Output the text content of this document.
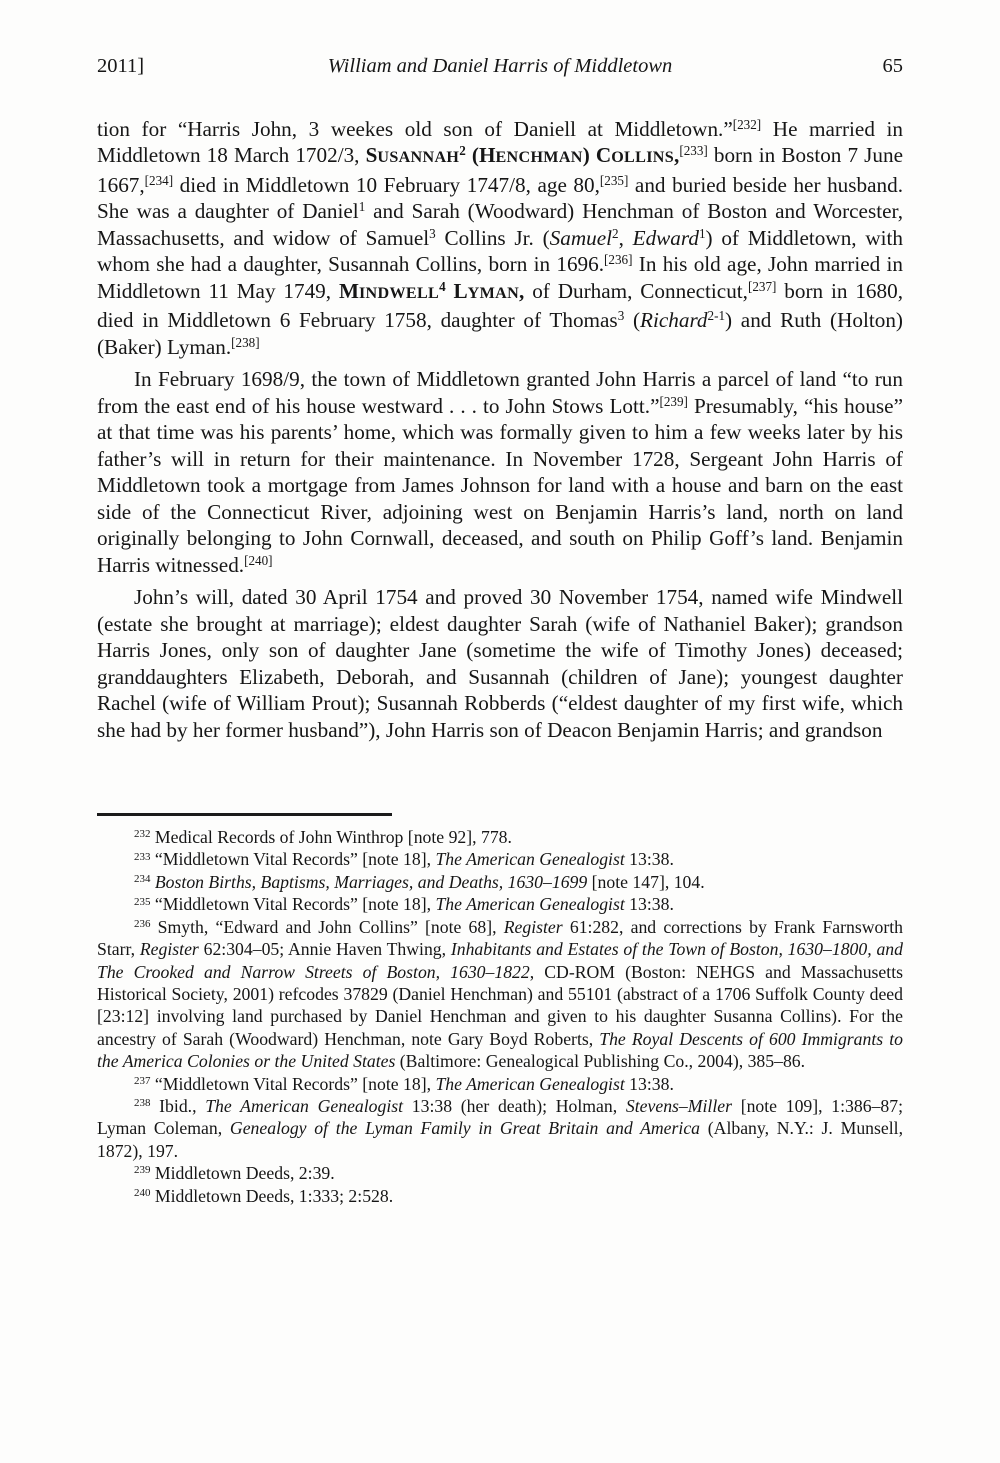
2011]	William and Daniel Harris of Middletown	65

tion for “Harris John, 3 weekes old son of Daniell at Middletown.”[232] He married in Middletown 18 March 1702/3, SUSANNAH$^2$ (HENCHMAN) COLLINS,[233] born in Boston 7 June 1667,[234] died in Middletown 10 February 1747/8, age 80,[235] and buried beside her husband. She was a daughter of Daniel$^1$ and Sarah (Woodward) Henchman of Boston and Worcester, Massachusetts, and widow of Samuel$^3$ Collins Jr. (Samuel$^2$, Edward$^1$) of Middletown, with whom she had a daughter, Susannah Collins, born in 1696.[236] In his old age, John married in Middletown 11 May 1749, MINDWELL$^4$ LYMAN, of Durham, Connecticut,[237] born in 1680, died in Middletown 6 February 1758, daughter of Thomas$^3$ (Richard$^{2-1}$) and Ruth (Holton) (Baker) Lyman.[238]

In February 1698/9, the town of Middletown granted John Harris a parcel of land “to run from the east end of his house westward . . . to John Stows Lott.”[239] Presumably, “his house” at that time was his parents’ home, which was formally given to him a few weeks later by his father’s will in return for their maintenance. In November 1728, Sergeant John Harris of Middletown took a mortgage from James Johnson for land with a house and barn on the east side of the Connecticut River, adjoining west on Benjamin Harris’s land, north on land originally belonging to John Cornwall, deceased, and south on Philip Goff’s land. Benjamin Harris witnessed.[240]

John’s will, dated 30 April 1754 and proved 30 November 1754, named wife Mindwell (estate she brought at marriage); eldest daughter Sarah (wife of Nathaniel Baker); grandson Harris Jones, only son of daughter Jane (sometime the wife of Timothy Jones) deceased; granddaughters Elizabeth, Deborah, and Susannah (children of Jane); youngest daughter Rachel (wife of William Prout); Susannah Robberds (“eldest daughter of my first wife, which she had by her former husband”), John Harris son of Deacon Benjamin Harris; and grandson

$^{232}$ Medical Records of John Winthrop [note 92], 778.

$^{233}$ “Middletown Vital Records” [note 18], The American Genealogist 13:38.

$^{234}$ Boston Births, Baptisms, Marriages, and Deaths, 1630–1699 [note 147], 104.

$^{235}$ “Middletown Vital Records” [note 18], The American Genealogist 13:38.

$^{236}$ Smyth, “Edward and John Collins” [note 68], Register 61:282, and corrections by Frank Farnsworth Starr, Register 62:304–05; Annie Haven Thwing, Inhabitants and Estates of the Town of Boston, 1630–1800, and The Crooked and Narrow Streets of Boston, 1630–1822, CD-ROM (Boston: NEHGS and Massachusetts Historical Society, 2001) refcodes 37829 (Daniel Henchman) and 55101 (abstract of a 1706 Suffolk County deed [23:12] involving land purchased by Daniel Henchman and given to his daughter Susanna Collins). For the ancestry of Sarah (Woodward) Henchman, note Gary Boyd Roberts, The Royal Descents of 600 Immigrants to the America Colonies or the United States (Baltimore: Genealogical Publishing Co., 2004), 385–86.

$^{237}$ “Middletown Vital Records” [note 18], The American Genealogist 13:38.

$^{238}$ Ibid., The American Genealogist 13:38 (her death); Holman, Stevens–Miller [note 109], 1:386–87; Lyman Coleman, Genealogy of the Lyman Family in Great Britain and America (Albany, N.Y.: J. Munsell, 1872), 197.

$^{239}$ Middletown Deeds, 2:39.

$^{240}$ Middletown Deeds, 1:333; 2:528.
